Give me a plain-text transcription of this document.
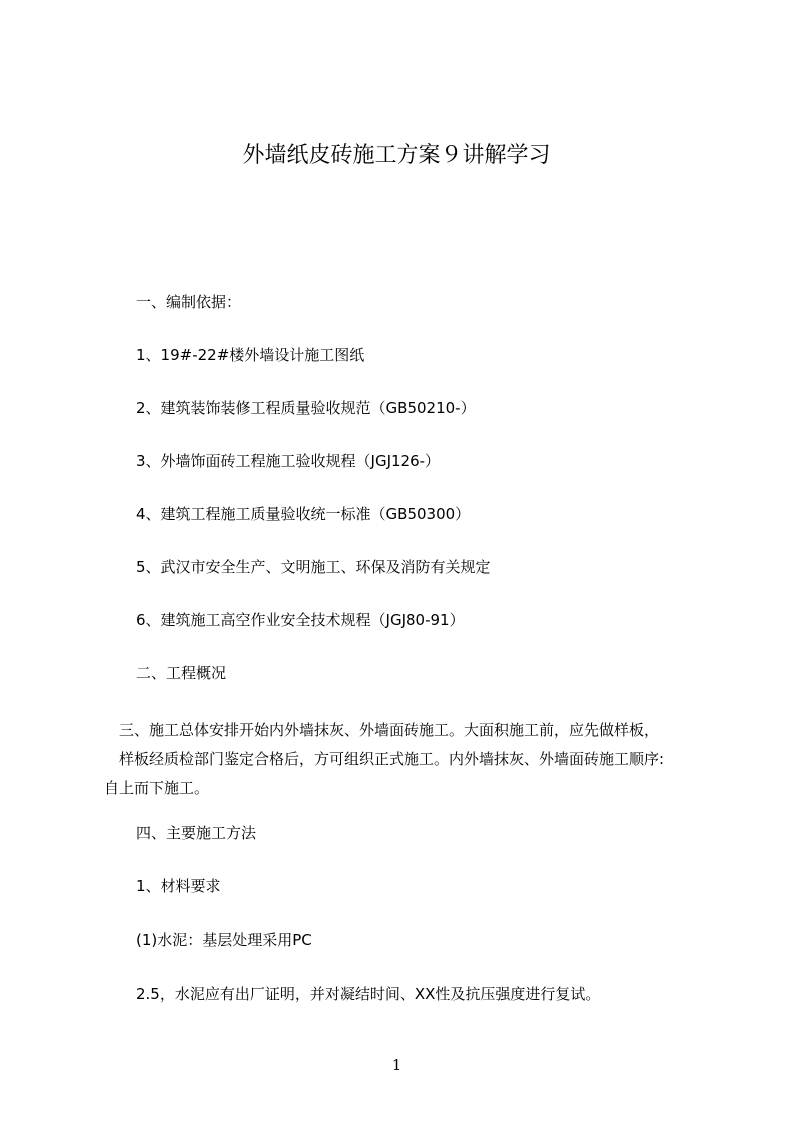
外墙纸皮砖施工方案９讲解学习
一、编制依据：
1、19#-22#楼外墙设计施工图纸
2、建筑装饰装修工程质量验收规范（GB50210-）
3、外墙饰面砖工程施工验收规程（JGJ126-）
4、建筑工程施工质量验收统一标准（GB50300）
5、武汉市安全生产、文明施工、环保及消防有关规定
6、建筑施工高空作业安全技术规程（JGJ80-91）
二、工程概况
　三、施工总体安排开始内外墙抹灰、外墙面砖施工。大面积施工前，应先做样板，
　样板经质检部门鉴定合格后，方可组织正式施工。内外墙抹灰、外墙面砖施工顺序:
自上而下施工。
四、主要施工方法
1、材料要求
(1)水泥：基层处理采用PC
2.5，水泥应有出厂证明，并对凝结时间、XX性及抗压强度进行复试。
1
